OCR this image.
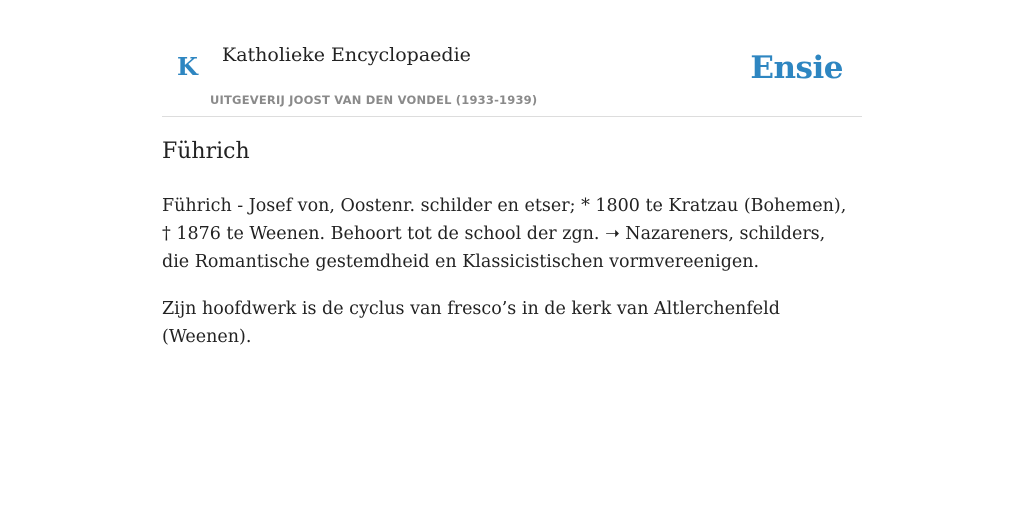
K Katholieke Encyclopaedie
UITGEVERIJ JOOST VAN DEN VONDEL (1933-1939)
Ensie
Führich

Führich - Josef von, Oostenr. schilder en etser; * 1800 te Kratzau (Bohemen), † 1876 te Weenen. Behoort tot de school der zgn. ➝ Nazareners, schilders, die Romantische gestemdheid en Klassicistischen vormvereenigen.

Zijn hoofdwerk is de cyclus van fresco’s in de kerk van Altlerchenfeld (Weenen).
